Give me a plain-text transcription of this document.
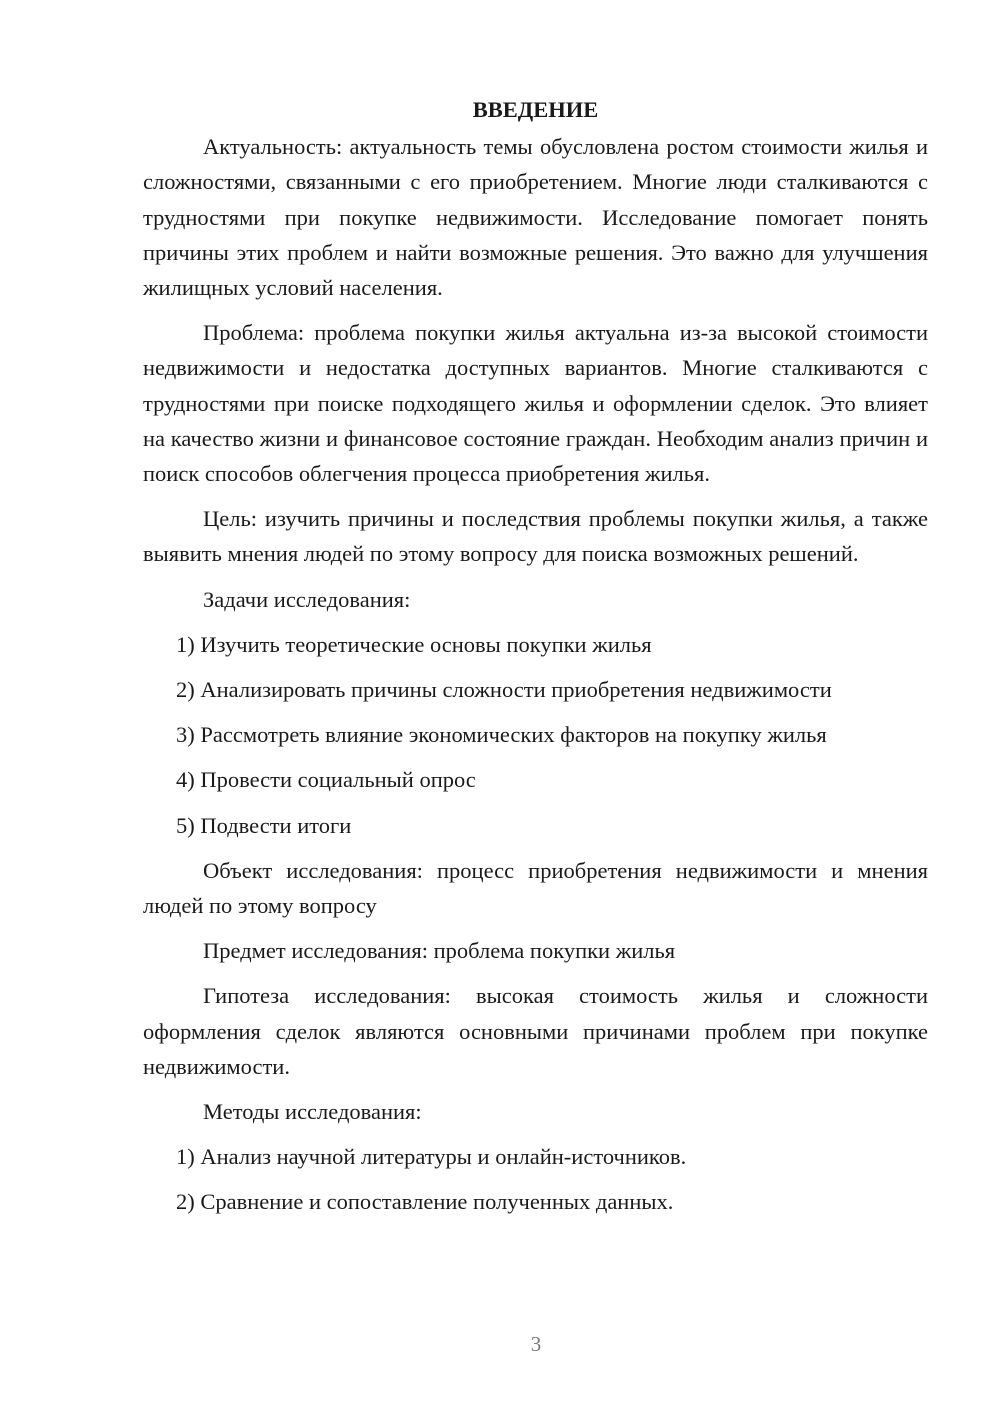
ВВЕДЕНИЕ

Актуальность: актуальность темы обусловлена ростом стоимости жилья и сложностями, связанными с его приобретением. Многие люди сталкиваются с трудностями при покупке недвижимости. Исследование помогает понять причины этих проблем и найти возможные решения. Это важно для улучшения жилищных условий населения.

Проблема: проблема покупки жилья актуальна из-за высокой стоимости недвижимости и недостатка доступных вариантов. Многие сталкиваются с трудностями при поиске подходящего жилья и оформлении сделок. Это влияет на качество жизни и финансовое состояние граждан. Необходим анализ причин и поиск способов облегчения процесса приобретения жилья.

Цель: изучить причины и последствия проблемы покупки жилья, а также выявить мнения людей по этому вопросу для поиска возможных решений.

Задачи исследования:

1) Изучить теоретические основы покупки жилья

2) Анализировать причины сложности приобретения недвижимости

3) Рассмотреть влияние экономических факторов на покупку жилья

4) Провести социальный опрос

5) Подвести итоги

Объект исследования: процесс приобретения недвижимости и мнения людей по этому вопросу

Предмет исследования: проблема покупки жилья

Гипотеза исследования: высокая стоимость жилья и сложности оформления сделок являются основными причинами проблем при покупке недвижимости.

Методы исследования:

1) Анализ научной литературы и онлайн-источников.

2) Сравнение и сопоставление полученных данных.

3
